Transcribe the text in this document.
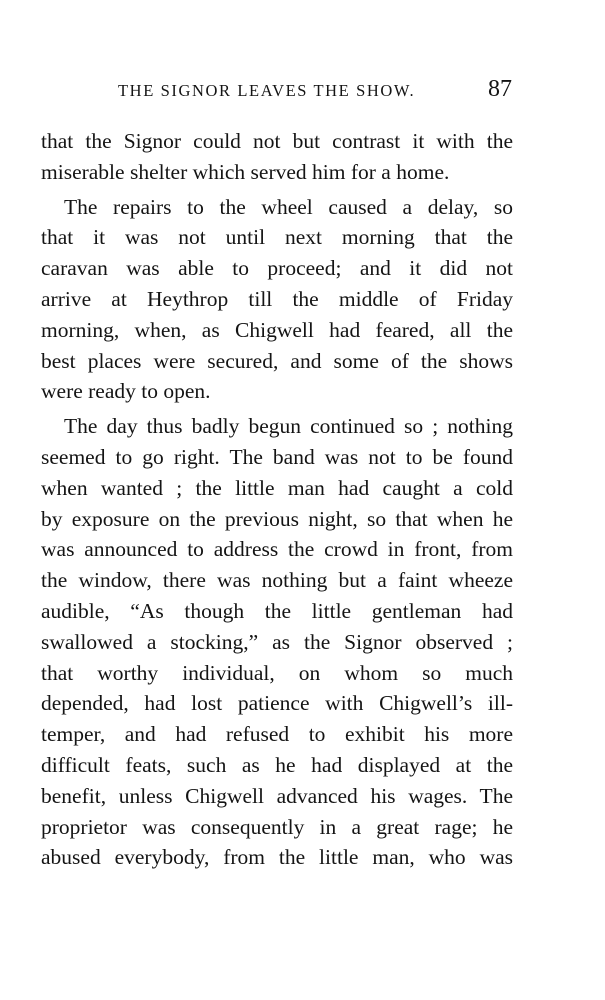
THE SIGNOR LEAVES THE SHOW.	87
that the Signor could not but contrast it with the
miserable shelter which served him for a home.
The repairs to the wheel caused a delay, so
that it was not until next morning that the
caravan was able to proceed; and it did not
arrive at Heythrop till the middle of Friday
morning, when, as Chigwell had feared, all the
best places were secured, and some of the shows
were ready to open.
The day thus badly begun continued so ; nothing
seemed to go right. The band was not to be found
when wanted ; the little man had caught a cold
by exposure on the previous night, so that when he
was announced to address the crowd in front, from
the window, there was nothing but a faint wheeze
audible, “As though the little gentleman had
swallowed a stocking,” as the Signor observed ;
that worthy individual, on whom so much
depended, had lost patience with Chigwell’s ill-
temper, and had refused to exhibit his more
difficult feats, such as he had displayed at the
benefit, unless Chigwell advanced his wages. The
proprietor was consequently in a great rage; he
abused everybody, from the little man, who was
